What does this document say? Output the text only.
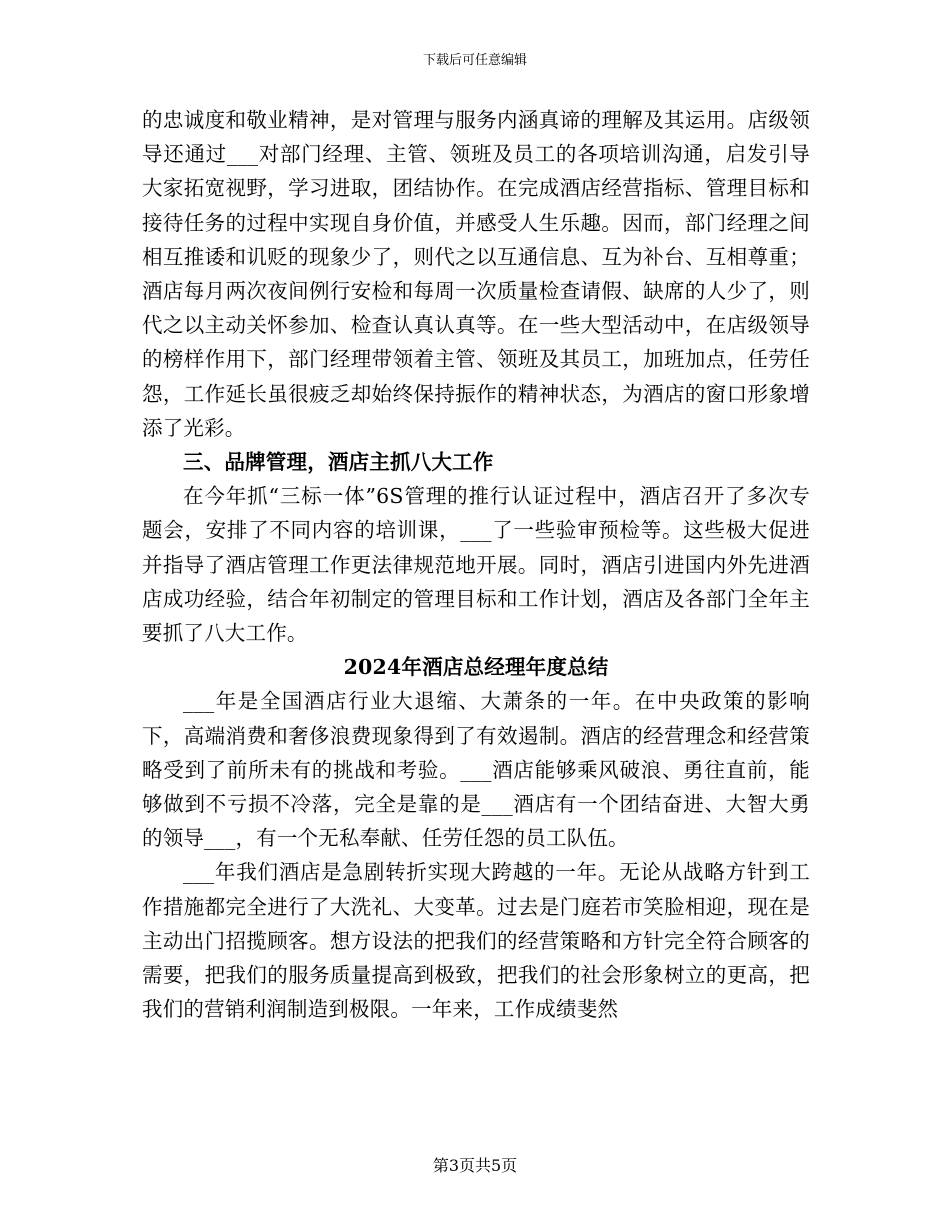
下载后可任意编辑

的忠诚度和敬业精神，是对管理与服务内涵真谛的理解及其运用。店级领导还通过___对部门经理、主管、领班及员工的各项培训沟通，启发引导大家拓宽视野，学习进取，团结协作。在完成酒店经营指标、管理目标和接待任务的过程中实现自身价值，并感受人生乐趣。因而，部门经理之间相互推诿和讥贬的现象少了，则代之以互通信息、互为补台、互相尊重；酒店每月两次夜间例行安检和每周一次质量检查请假、缺席的人少了，则代之以主动关怀参加、检查认真认真等。在一些大型活动中，在店级领导的榜样作用下，部门经理带领着主管、领班及其员工，加班加点，任劳任怨，工作延长虽很疲乏却始终保持振作的精神状态，为酒店的窗口形象增添了光彩。

三、品牌管理，酒店主抓八大工作

在今年抓“三标一体”6S管理的推行认证过程中，酒店召开了多次专题会，安排了不同内容的培训课，___了一些验审预检等。这些极大促进并指导了酒店管理工作更法律规范地开展。同时，酒店引进国内外先进酒店成功经验，结合年初制定的管理目标和工作计划，酒店及各部门全年主要抓了八大工作。

2024年酒店总经理年度总结

___年是全国酒店行业大退缩、大萧条的一年。在中央政策的影响下，高端消费和奢侈浪费现象得到了有效遏制。酒店的经营理念和经营策略受到了前所未有的挑战和考验。___酒店能够乘风破浪、勇往直前，能够做到不亏损不冷落，完全是靠的是___酒店有一个团结奋进、大智大勇的领导___，有一个无私奉献、任劳任怨的员工队伍。

___年我们酒店是急剧转折实现大跨越的一年。无论从战略方针到工作措施都完全进行了大洗礼、大变革。过去是门庭若市笑脸相迎，现在是主动出门招揽顾客。想方设法的把我们的经营策略和方针完全符合顾客的需要，把我们的服务质量提高到极致，把我们的社会形象树立的更高，把我们的营销利润制造到极限。一年来，工作成绩斐然

第3页共5页
